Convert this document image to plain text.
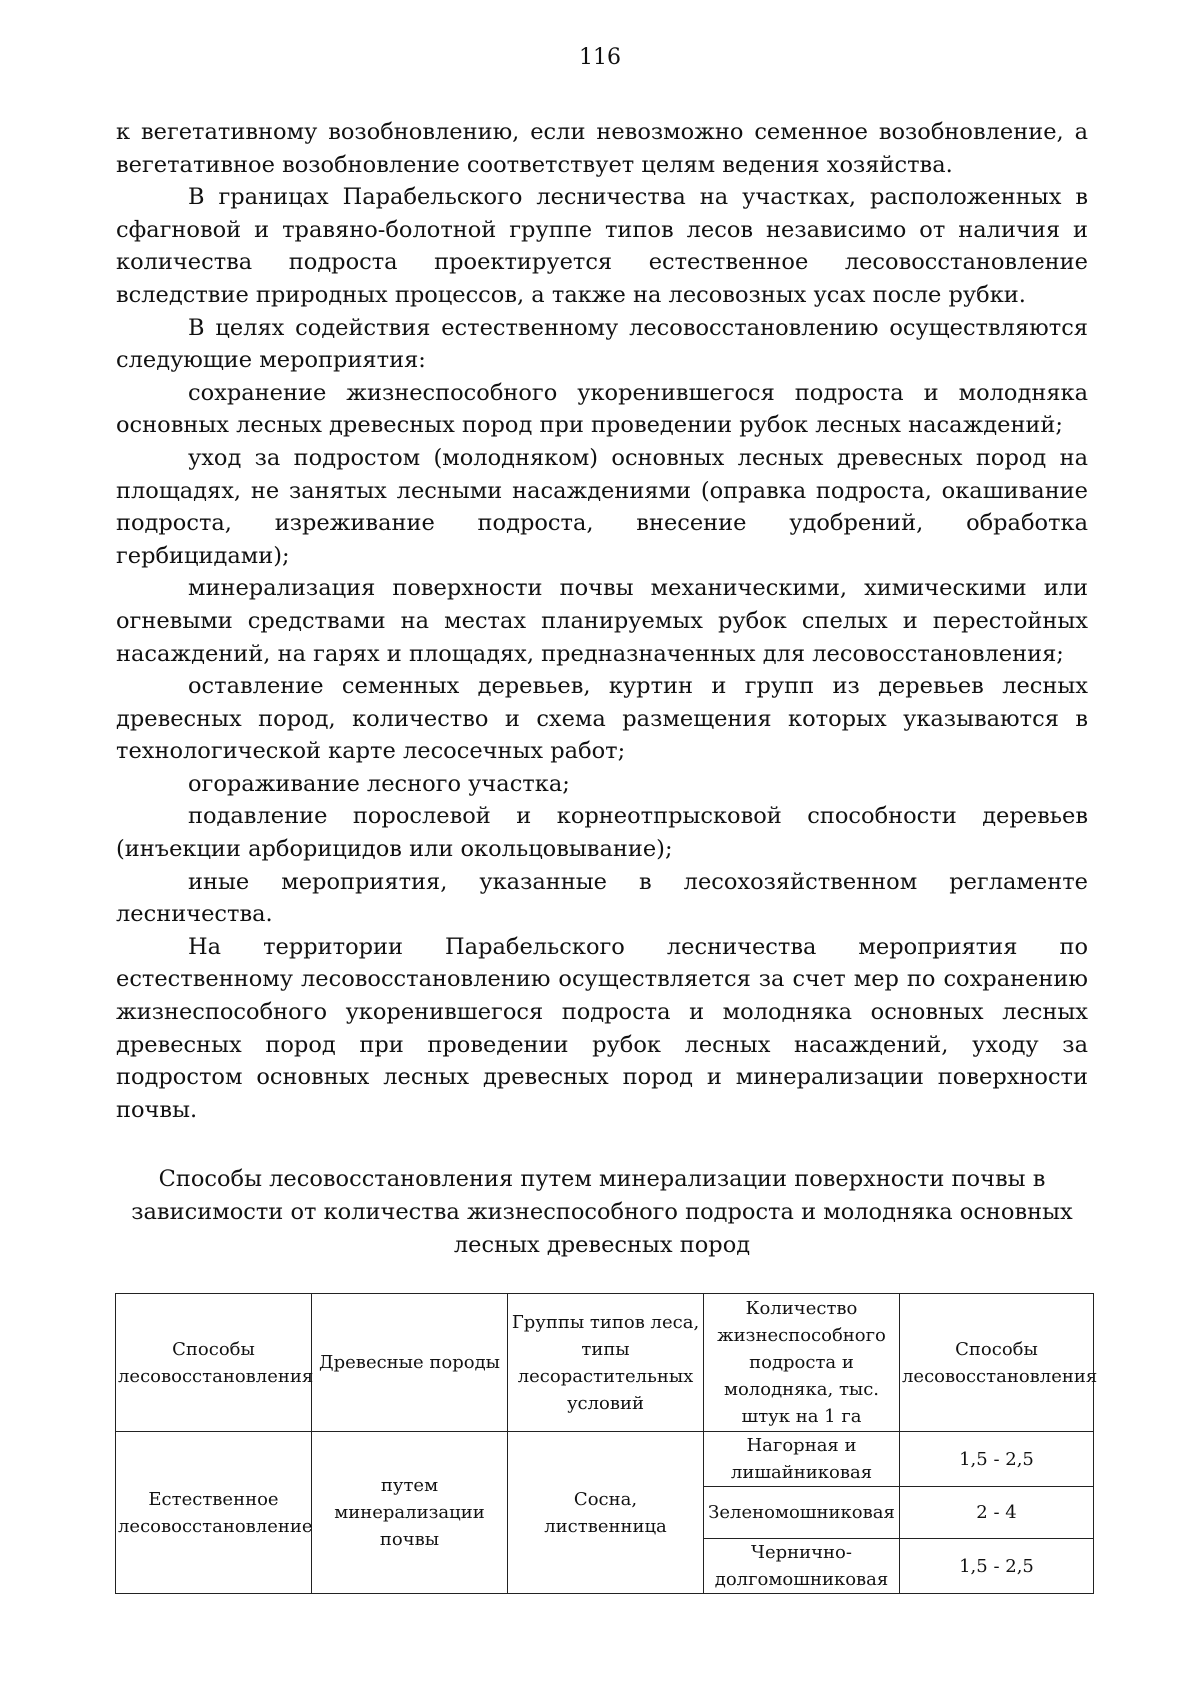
116

к вегетативному возобновлению, если невозможно семенное возобновление, а вегетативное возобновление соответствует целям ведения хозяйства.

В границах Парабельского лесничества на участках, расположенных в сфагновой и травяно-болотной группе типов лесов независимо от наличия и количества подроста проектируется естественное лесовосстановление вследствие природных процессов, а также на лесовозных усах после рубки.

В целях содействия естественному лесовосстановлению осуществляются следующие мероприятия:

сохранение жизнеспособного укоренившегося подроста и молодняка основных лесных древесных пород при проведении рубок лесных насаждений;

уход за подростом (молодняком) основных лесных древесных пород на площадях, не занятых лесными насаждениями (оправка подроста, окашивание подроста, изреживание подроста, внесение удобрений, обработка гербицидами);

минерализация поверхности почвы механическими, химическими или огневыми средствами на местах планируемых рубок спелых и перестойных насаждений, на гарях и площадях, предназначенных для лесовосстановления;

оставление семенных деревьев, куртин и групп из деревьев лесных древесных пород, количество и схема размещения которых указываются в технологической карте лесосечных работ;

огораживание лесного участка;

подавление порослевой и корнеотпрысковой способности деревьев (инъекции арборицидов или окольцовывание);

иные мероприятия, указанные в лесохозяйственном регламенте лесничества.

На территории Парабельского лесничества мероприятия по естественному лесовосстановлению осуществляется за счет мер по сохранению жизнеспособного укоренившегося подроста и молодняка основных лесных древесных пород при проведении рубок лесных насаждений, уходу за подростом основных лесных древесных пород и минерализации поверхности почвы.

Способы лесовосстановления путем минерализации поверхности почвы в зависимости от количества жизнеспособного подроста и молодняка основных лесных древесных пород
Способы лесовосстановления	Древесные породы	Группы типов леса, типы лесорастительных условий	Количество жизнеспособного подроста и молодняка, тыс. штук на 1 га	Способы лесовосстановления
Естественное лесовосстановление	путем минерализации почвы	Сосна, лиственница	Нагорная и лишайниковая	1,5 - 2,5
			Зеленомошниковая	2 - 4
			Чернично-долгомошниковая	1,5 - 2,5
